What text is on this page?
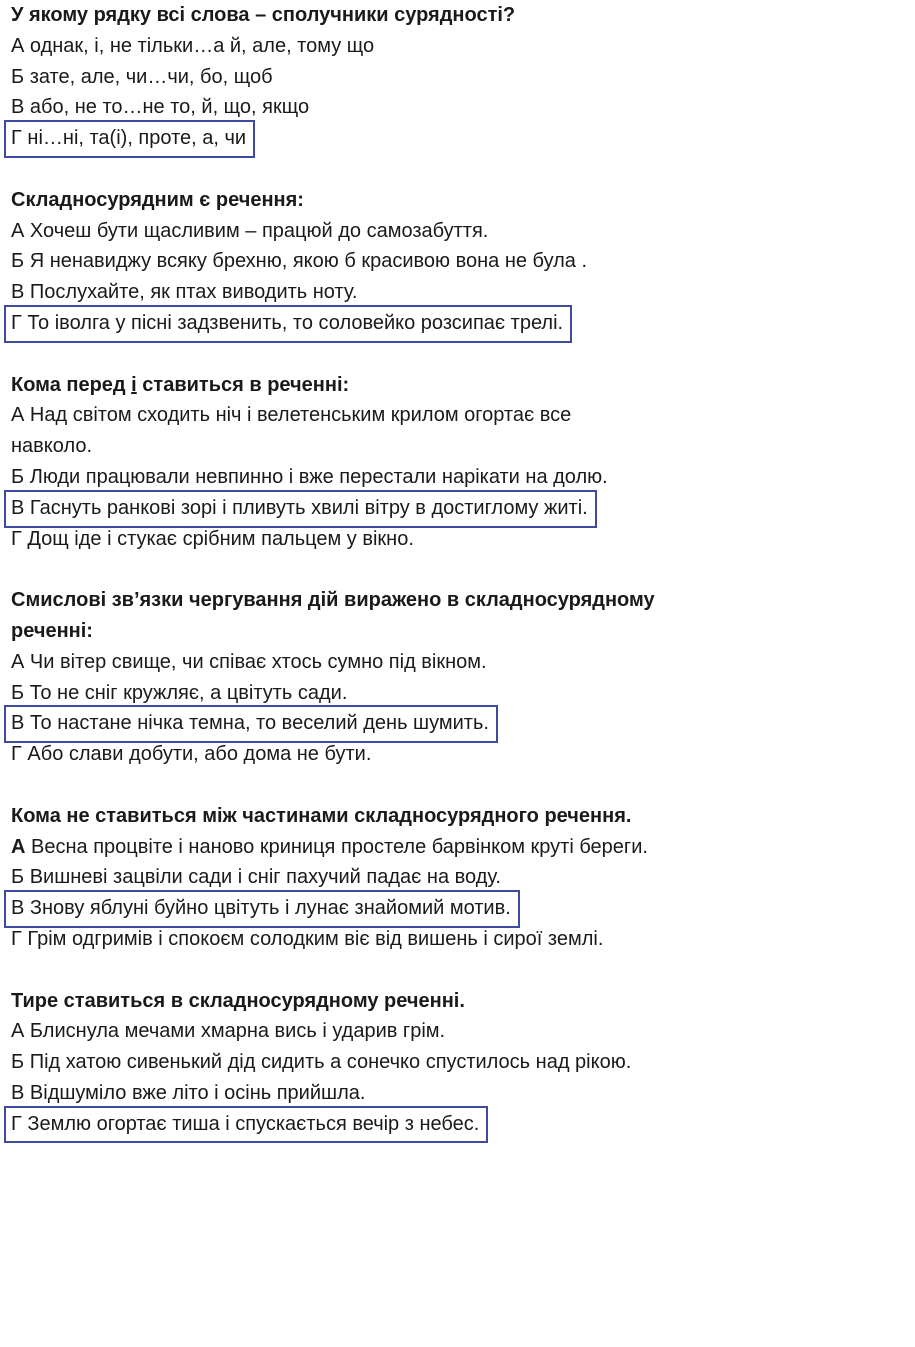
У якому рядку всі слова – сполучники сурядності?
А однак, і, не тільки…а й, але, тому що
Б зате, але, чи…чи, бо, щоб
В або, не то…не то, й, що, якщо
Г ні…ні, та(і), проте, а, чи
Складносурядним є речення:
А Хочеш бути щасливим – працюй до самозабуття.
Б Я ненавиджу всяку брехню, якою б красивою вона не була .
В Послухайте, як птах виводить ноту.
Г То іволга у пісні задзвенить, то соловейко розсипає трелі.
Кома перед і ставиться в реченні:
А Над світом сходить ніч і велетенським крилом огортає все
навколо.
Б Люди працювали невпинно і вже перестали нарікати на долю.
В Гаснуть ранкові зорі і пливуть хвилі вітру в достиглому житі.
Г Дощ іде і стукає срібним пальцем у вікно.
Смислові зв’язки чергування дій виражено в складносурядному
реченні:
А Чи вітер свище, чи співає хтось сумно під вікном.
Б То не сніг кружляє, а цвітуть сади.
В То настане нічка темна, то веселий день шумить.
Г Або слави добути, або дома не бути.
Кома не ставиться між частинами складносурядного речення.
А Весна процвіте і наново криниця простеле барвінком круті береги.
Б Вишневі зацвіли сади і сніг пахучий падає на воду.
В Знову яблуні буйно цвітуть і лунає знайомий мотив.
Г Грім одгримів і спокоєм солодким віє від вишень і сирої землі.
Тире ставиться в складносурядному реченні.
А Блиснула мечами хмарна вись і ударив грім.
Б Під хатою сивенький дід сидить а сонечко спустилось над рікою.
В Відшуміло вже літо і осінь прийшла.
Г Землю огортає тиша і спускається вечір з небес.
